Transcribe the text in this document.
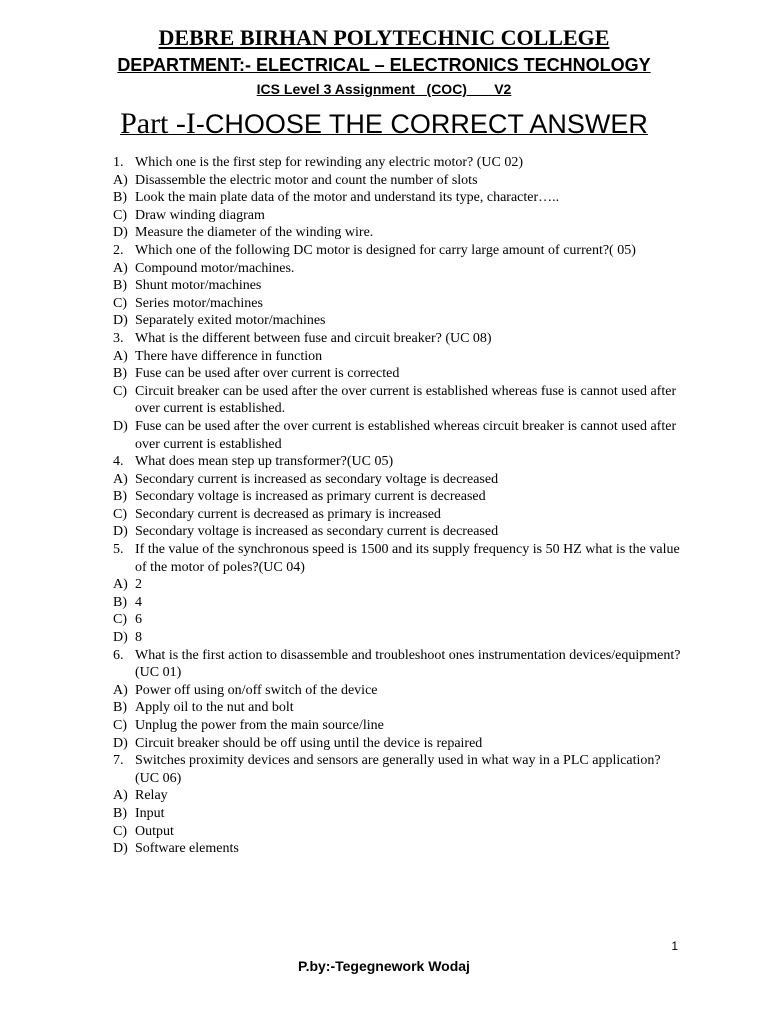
DEBRE BIRHAN POLYTECHNIC COLLEGE
DEPARTMENT:- ELECTRICAL – ELECTRONICS TECHNOLOGY
ICS Level 3 Assignment   (COC)       V2
Part -I-CHOOSE THE CORRECT ANSWER
1. Which one is the first step for rewinding any electric motor? (UC 02)
A) Disassemble the electric motor and count the number of slots
B) Look the main plate data of the motor and understand its type, character…..
C) Draw winding diagram
D) Measure the diameter of the winding wire.
2. Which one of the following DC motor is designed for carry large amount of current?( 05)
A) Compound motor/machines.
B) Shunt motor/machines
C) Series motor/machines
D) Separately exited motor/machines
3. What is the different between fuse and circuit breaker? (UC 08)
A) There have difference in function
B) Fuse can be used after over current is corrected
C) Circuit breaker can be used after the over current is established whereas fuse is cannot used after over current is established.
D) Fuse can be used after the over current is established whereas circuit breaker is cannot used after over current is established
4. What does mean step up transformer?(UC 05)
A) Secondary current is increased as secondary voltage is decreased
B) Secondary voltage is increased as primary current is decreased
C) Secondary current is decreased as primary is increased
D) Secondary voltage is increased as secondary current is decreased
5. If the value of the synchronous speed is 1500 and its supply frequency is 50 HZ what is the value of the motor of poles?(UC 04)
A) 2
B) 4
C) 6
D) 8
6. What is the first action to disassemble and troubleshoot ones instrumentation devices/equipment?(UC 01)
A) Power off using on/off switch of the device
B) Apply oil to the nut and bolt
C) Unplug the power from the main source/line
D) Circuit breaker should be off using until the device is repaired
7. Switches proximity devices and sensors are generally used in what way in a PLC application?(UC 06)
A) Relay
B) Input
C) Output
D) Software elements
1
P.by:-Tegegnework Wodaj
